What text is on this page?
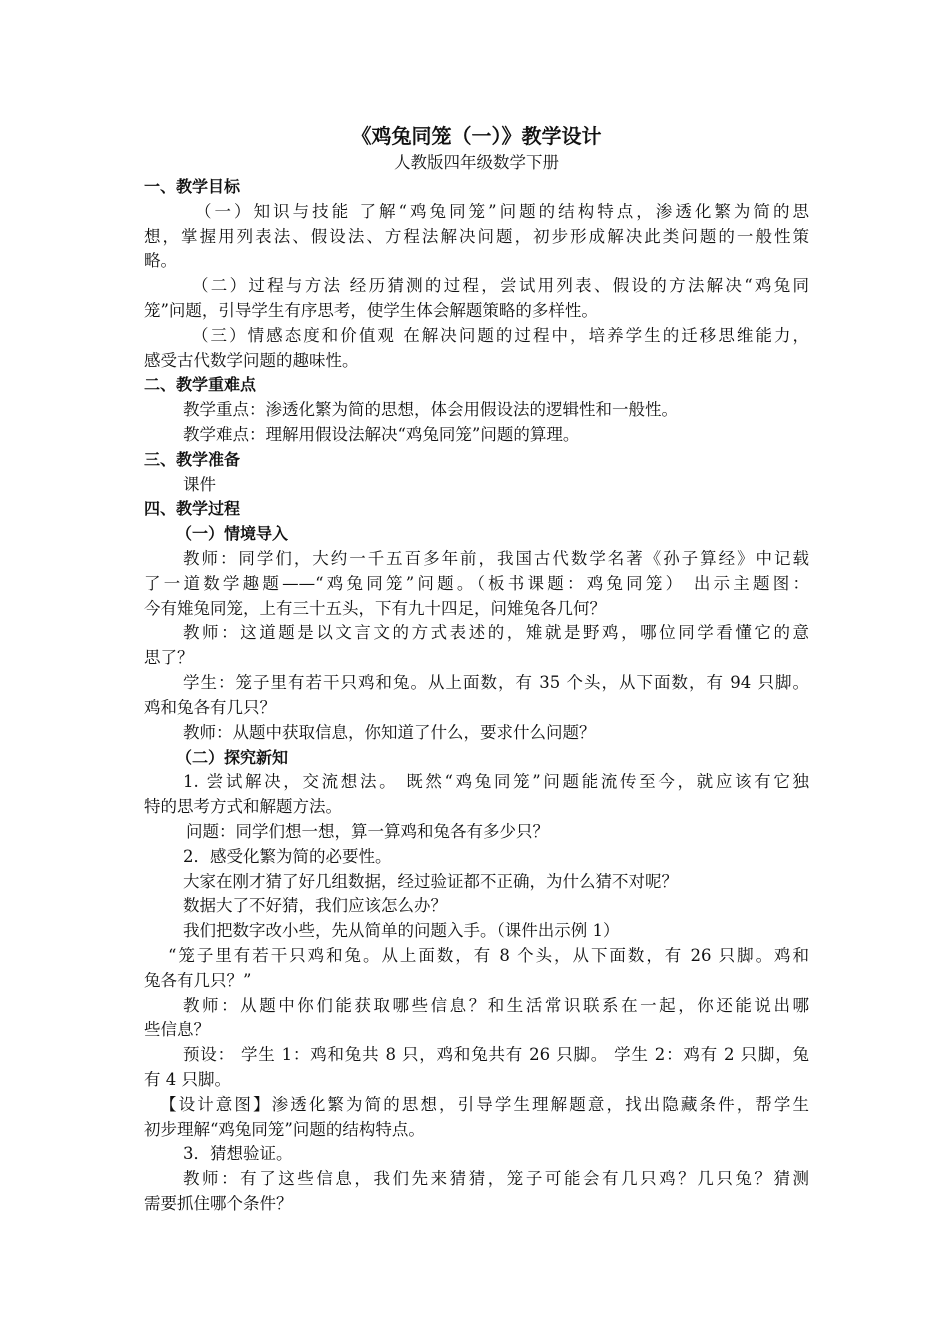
《鸡兔同笼（一）》教学设计
人教版四年级数学下册
一、教学目标
（一）知识与技能 了解“鸡兔同笼”问题的结构特点，渗透化繁为简的思
想，掌握用列表法、假设法、方程法解决问题，初步形成解决此类问题的一般性策
略。
（二）过程与方法 经历猜测的过程，尝试用列表、假设的方法解决“鸡兔同
笼”问题，引导学生有序思考，使学生体会解题策略的多样性。
（三）情感态度和价值观 在解决问题的过程中，培养学生的迁移思维能力，
感受古代数学问题的趣味性。
二、教学重难点
教学重点：渗透化繁为简的思想，体会用假设法的逻辑性和一般性。
教学难点：理解用假设法解决“鸡兔同笼”问题的算理。
三、教学准备
课件
四、教学过程
（一）情境导入
教师：同学们，大约一千五百多年前，我国古代数学名著《孙子算经》中记载
了一道数学趣题——“鸡兔同笼”问题。（板书课题：鸡兔同笼） 出示主题图：
今有雉兔同笼，上有三十五头，下有九十四足，问雉兔各几何？
教师：这道题是以文言文的方式表述的，雉就是野鸡，哪位同学看懂它的意
思了？
学生：笼子里有若干只鸡和兔。从上面数，有 35 个头，从下面数，有 94 只脚。
鸡和兔各有几只？
教师：从题中获取信息，你知道了什么，要求什么问题？
（二）探究新知
1. 尝试解决，交流想法。 既然“鸡兔同笼”问题能流传至今，就应该有它独
特的思考方式和解题方法。
问题：同学们想一想，算一算鸡和兔各有多少只？
2．感受化繁为简的必要性。
大家在刚才猜了好几组数据，经过验证都不正确，为什么猜不对呢？
数据大了不好猜，我们应该怎么办？
我们把数字改小些，先从简单的问题入手。（课件出示例 1）
“笼子里有若干只鸡和兔。从上面数，有 8 个头，从下面数，有 26 只脚。鸡和
兔各有几只？”
教师：从题中你们能获取哪些信息？和生活常识联系在一起，你还能说出哪
些信息？
预设： 学生 1：鸡和兔共 8 只，鸡和兔共有 26 只脚。 学生 2：鸡有 2 只脚，兔
有 4 只脚。
【设计意图】渗透化繁为简的思想，引导学生理解题意，找出隐藏条件，帮学生
初步理解“鸡兔同笼”问题的结构特点。
3．猜想验证。
教师：有了这些信息，我们先来猜猜，笼子可能会有几只鸡？几只兔？猜测
需要抓住哪个条件？
